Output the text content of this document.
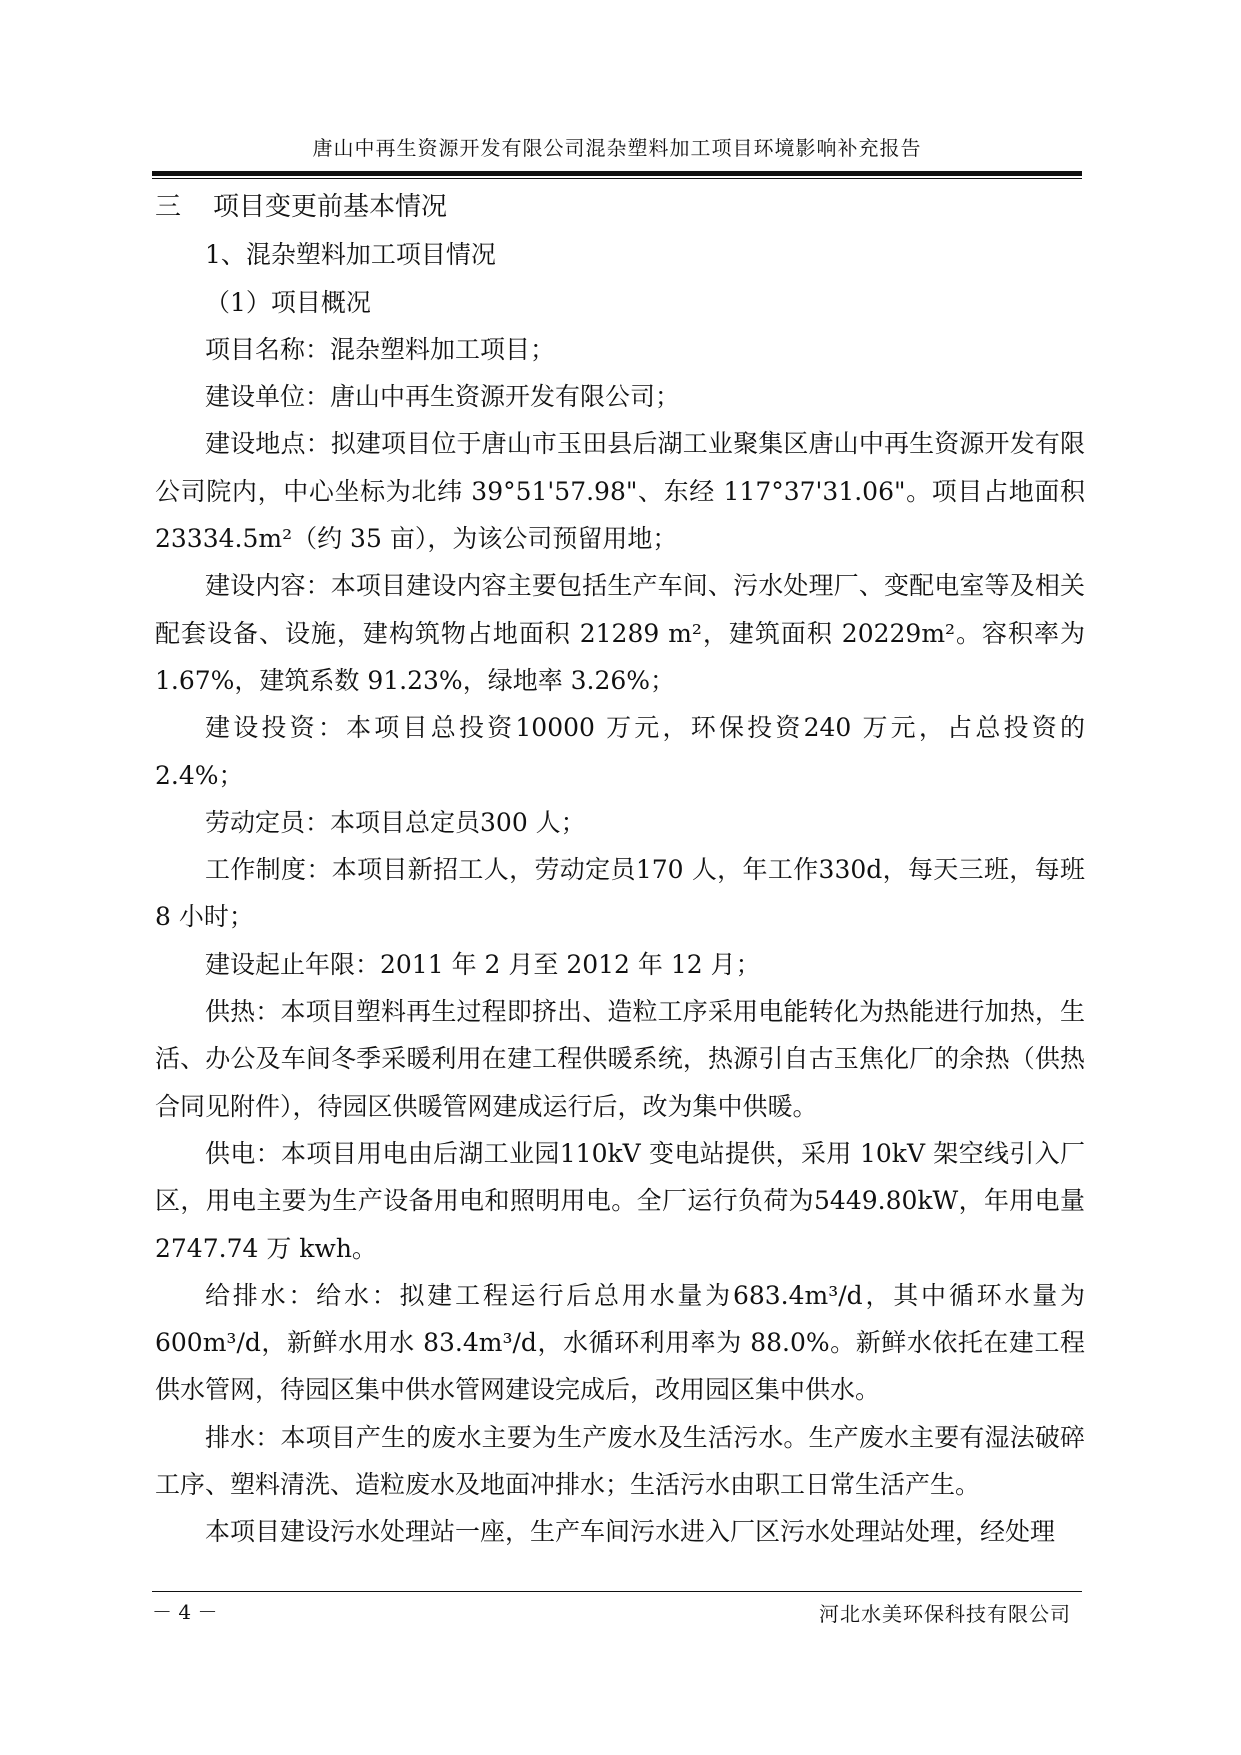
唐山中再生资源开发有限公司混杂塑料加工项目环境影响补充报告

三 项目变更前基本情况

1、混杂塑料加工项目情况

（1）项目概况

项目名称：混杂塑料加工项目；

建设单位：唐山中再生资源开发有限公司；

建设地点：拟建项目位于唐山市玉田县后湖工业聚集区唐山中再生资源开发有限公司院内，中心坐标为北纬 39°51'57.98"、东经 117°37'31.06"。项目占地面积 23334.5m²（约 35 亩），为该公司预留用地；

建设内容：本项目建设内容主要包括生产车间、污水处理厂、变配电室等及相关配套设备、设施，建构筑物占地面积 21289 m²，建筑面积 20229m²。容积率为 1.67%，建筑系数 91.23%，绿地率 3.26%；

建设投资：本项目总投资10000 万元，环保投资240 万元，占总投资的2.4%；

劳动定员：本项目总定员300 人；

工作制度：本项目新招工人，劳动定员170 人，年工作330d，每天三班，每班 8 小时；

建设起止年限：2011 年 2 月至 2012 年 12 月；

供热：本项目塑料再生过程即挤出、造粒工序采用电能转化为热能进行加热，生活、办公及车间冬季采暖利用在建工程供暖系统，热源引自古玉焦化厂的余热（供热合同见附件），待园区供暖管网建成运行后，改为集中供暖。

供电：本项目用电由后湖工业园110kV 变电站提供，采用 10kV 架空线引入厂区，用电主要为生产设备用电和照明用电。全厂运行负荷为5449.80kW，年用电量 2747.74 万 kwh。

给排水：给水：拟建工程运行后总用水量为683.4m³/d，其中循环水量为600m³/d，新鲜水用水 83.4m³/d，水循环利用率为 88.0%。新鲜水依托在建工程供水管网，待园区集中供水管网建设完成后，改用园区集中供水。

排水：本项目产生的废水主要为生产废水及生活污水。生产废水主要有湿法破碎工序、塑料清洗、造粒废水及地面冲排水；生活污水由职工日常生活产生。

本项目建设污水处理站一座，生产车间污水进入厂区污水处理站处理，经处理

－ 4 －	河北水美环保科技有限公司
